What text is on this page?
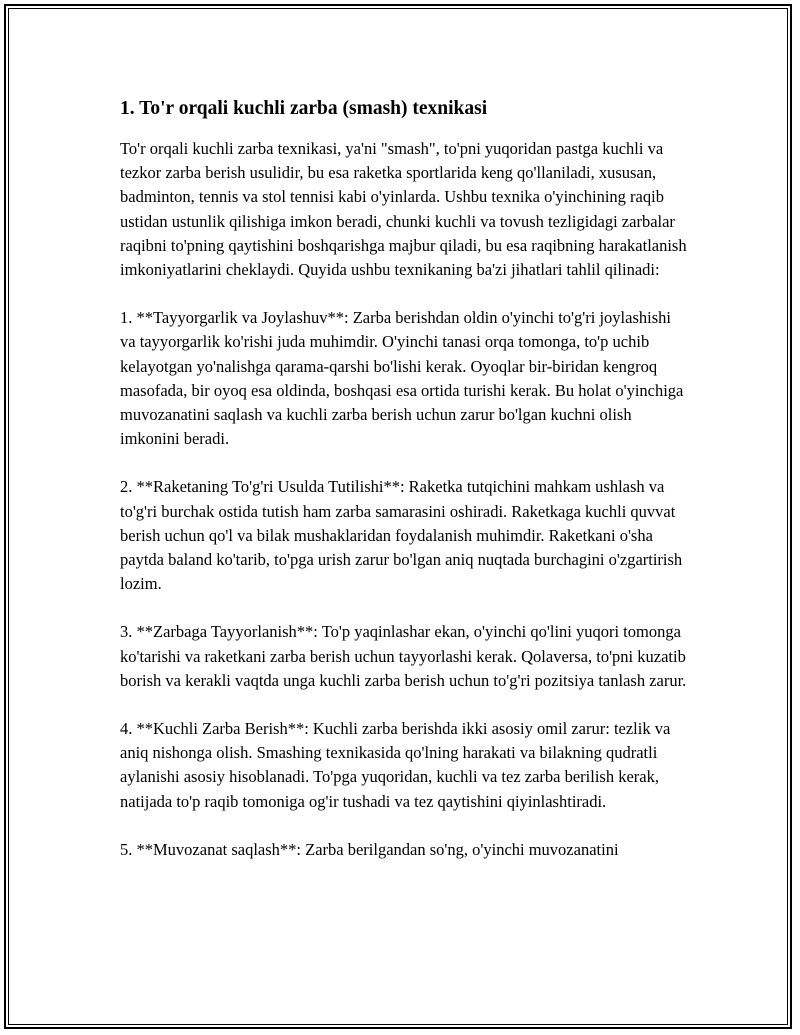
1. To'r orqali kuchli zarba (smash) texnikasi

To'r orqali kuchli zarba texnikasi, ya'ni "smash", to'pni yuqoridan pastga kuchli va tezkor zarba berish usulidir, bu esa raketka sportlarida keng qo'llaniladi, xususan, badminton, tennis va stol tennisi kabi o'yinlarda. Ushbu texnika o'yinchining raqib ustidan ustunlik qilishiga imkon beradi, chunki kuchli va tovush tezligidagi zarbalar raqibni to'pning qaytishini boshqarishga majbur qiladi, bu esa raqibning harakatlanish imkoniyatlarini cheklaydi. Quyida ushbu texnikaning ba'zi jihatlari tahlil qilinadi:

1. **Tayyorgarlik va Joylashuv**: Zarba berishdan oldin o'yinchi to'g'ri joylashishi va tayyorgarlik ko'rishi juda muhimdir. O'yinchi tanasi orqa tomonga, to'p uchib kelayotgan yo'nalishga qarama-qarshi bo'lishi kerak. Oyoqlar bir-biridan kengroq masofada, bir oyoq esa oldinda, boshqasi esa ortida turishi kerak. Bu holat o'yinchiga muvozanatini saqlash va kuchli zarba berish uchun zarur bo'lgan kuchni olish imkonini beradi.

2. **Raketaning To'g'ri Usulda Tutilishi**: Raketka tutqichini mahkam ushlash va to'g'ri burchak ostida tutish ham zarba samarasini oshiradi. Raketkaga kuchli quvvat berish uchun qo'l va bilak mushaklaridan foydalanish muhimdir. Raketkani o'sha paytda baland ko'tarib, to'pga urish zarur bo'lgan aniq nuqtada burchagini o'zgartirish lozim.

3. **Zarbaga Tayyorlanish**: To'p yaqinlashar ekan, o'yinchi qo'lini yuqori tomonga ko'tarishi va raketkani zarba berish uchun tayyorlashi kerak. Qolaversa, to'pni kuzatib borish va kerakli vaqtda unga kuchli zarba berish uchun to'g'ri pozitsiya tanlash zarur.

4. **Kuchli Zarba Berish**: Kuchli zarba berishda ikki asosiy omil zarur: tezlik va aniq nishonga olish. Smashing texnikasida qo'lning harakati va bilakning qudratli aylanishi asosiy hisoblanadi. To'pga yuqoridan, kuchli va tez zarba berilish kerak, natijada to'p raqib tomoniga og'ir tushadi va tez qaytishini qiyinlashtiradi.

5. **Muvozanat saqlash**: Zarba berilgandan so'ng, o'yinchi muvozanatini
